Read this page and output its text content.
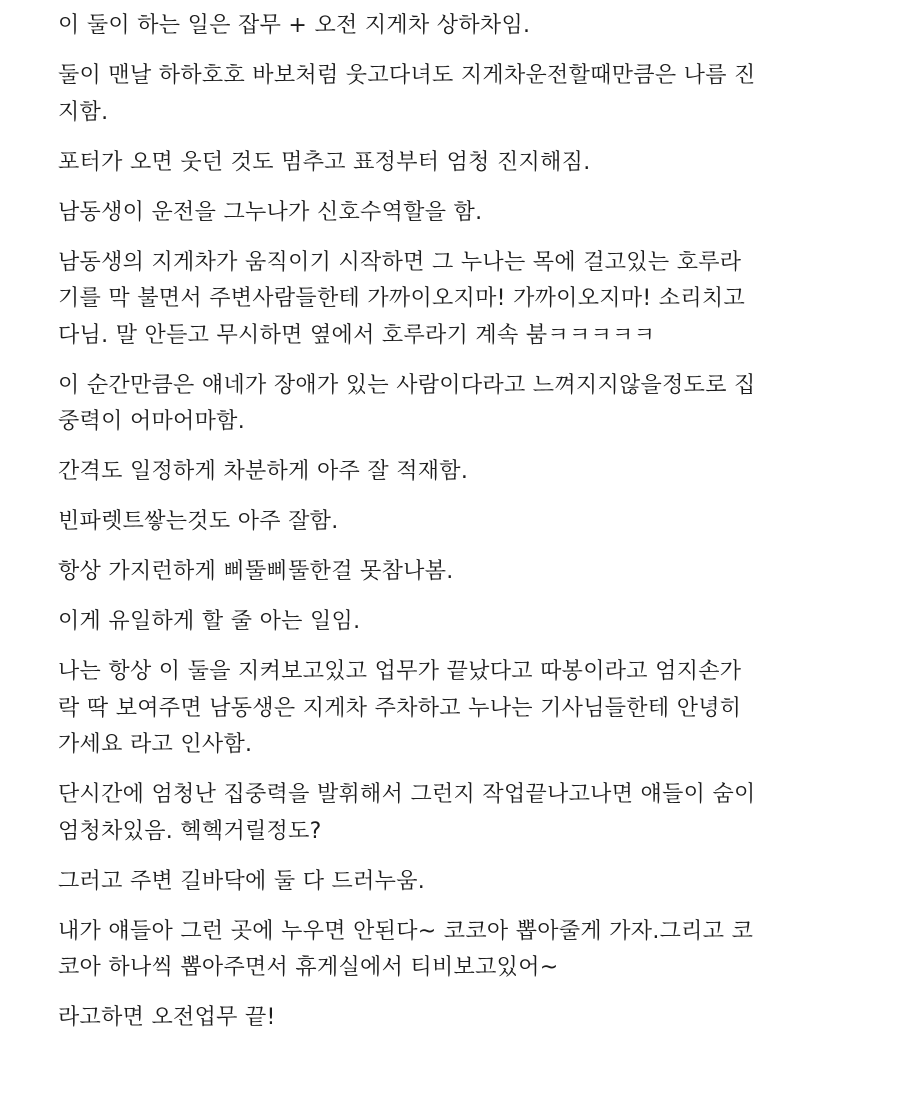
이 둘이 하는 일은 잡무 + 오전 지게차 상하차임.

둘이 맨날 하하호호 바보처럼 웃고다녀도 지게차운전할때만큼은 나름 진
지함.

포터가 오면 웃던 것도 멈추고 표정부터 엄청 진지해짐.

남동생이 운전을 그누나가 신호수역할을 함.

남동생의 지게차가 움직이기 시작하면 그 누나는 목에 걸고있는 호루라
기를 막 불면서 주변사람들한테 가까이오지마! 가까이오지마! 소리치고
다님. 말 안듣고 무시하면 옆에서 호루라기 계속 붐ㅋㅋㅋㅋㅋ

이 순간만큼은 얘네가 장애가 있는 사람이다라고 느껴지지않을정도로 집
중력이 어마어마함.

간격도 일정하게 차분하게 아주 잘 적재함.

빈파렛트쌓는것도 아주 잘함.

항상 가지런하게 삐뚤삐뚤한걸 못참나봄.

이게 유일하게 할 줄 아는 일임.

나는 항상 이 둘을 지켜보고있고 업무가 끝났다고 따봉이라고 엄지손가
락 딱 보여주면 남동생은 지게차 주차하고 누나는 기사님들한테 안녕히
가세요 라고 인사함.

단시간에 엄청난 집중력을 발휘해서 그런지 작업끝나고나면 얘들이 숨이
엄청차있음. 헥헥거릴정도?

그러고 주변 길바닥에 둘 다 드러누움.

내가 얘들아 그런 곳에 누우면 안된다~ 코코아 뽑아줄게 가자.그리고 코
코아 하나씩 뽑아주면서 휴게실에서 티비보고있어~

라고하면 오전업무 끝!
